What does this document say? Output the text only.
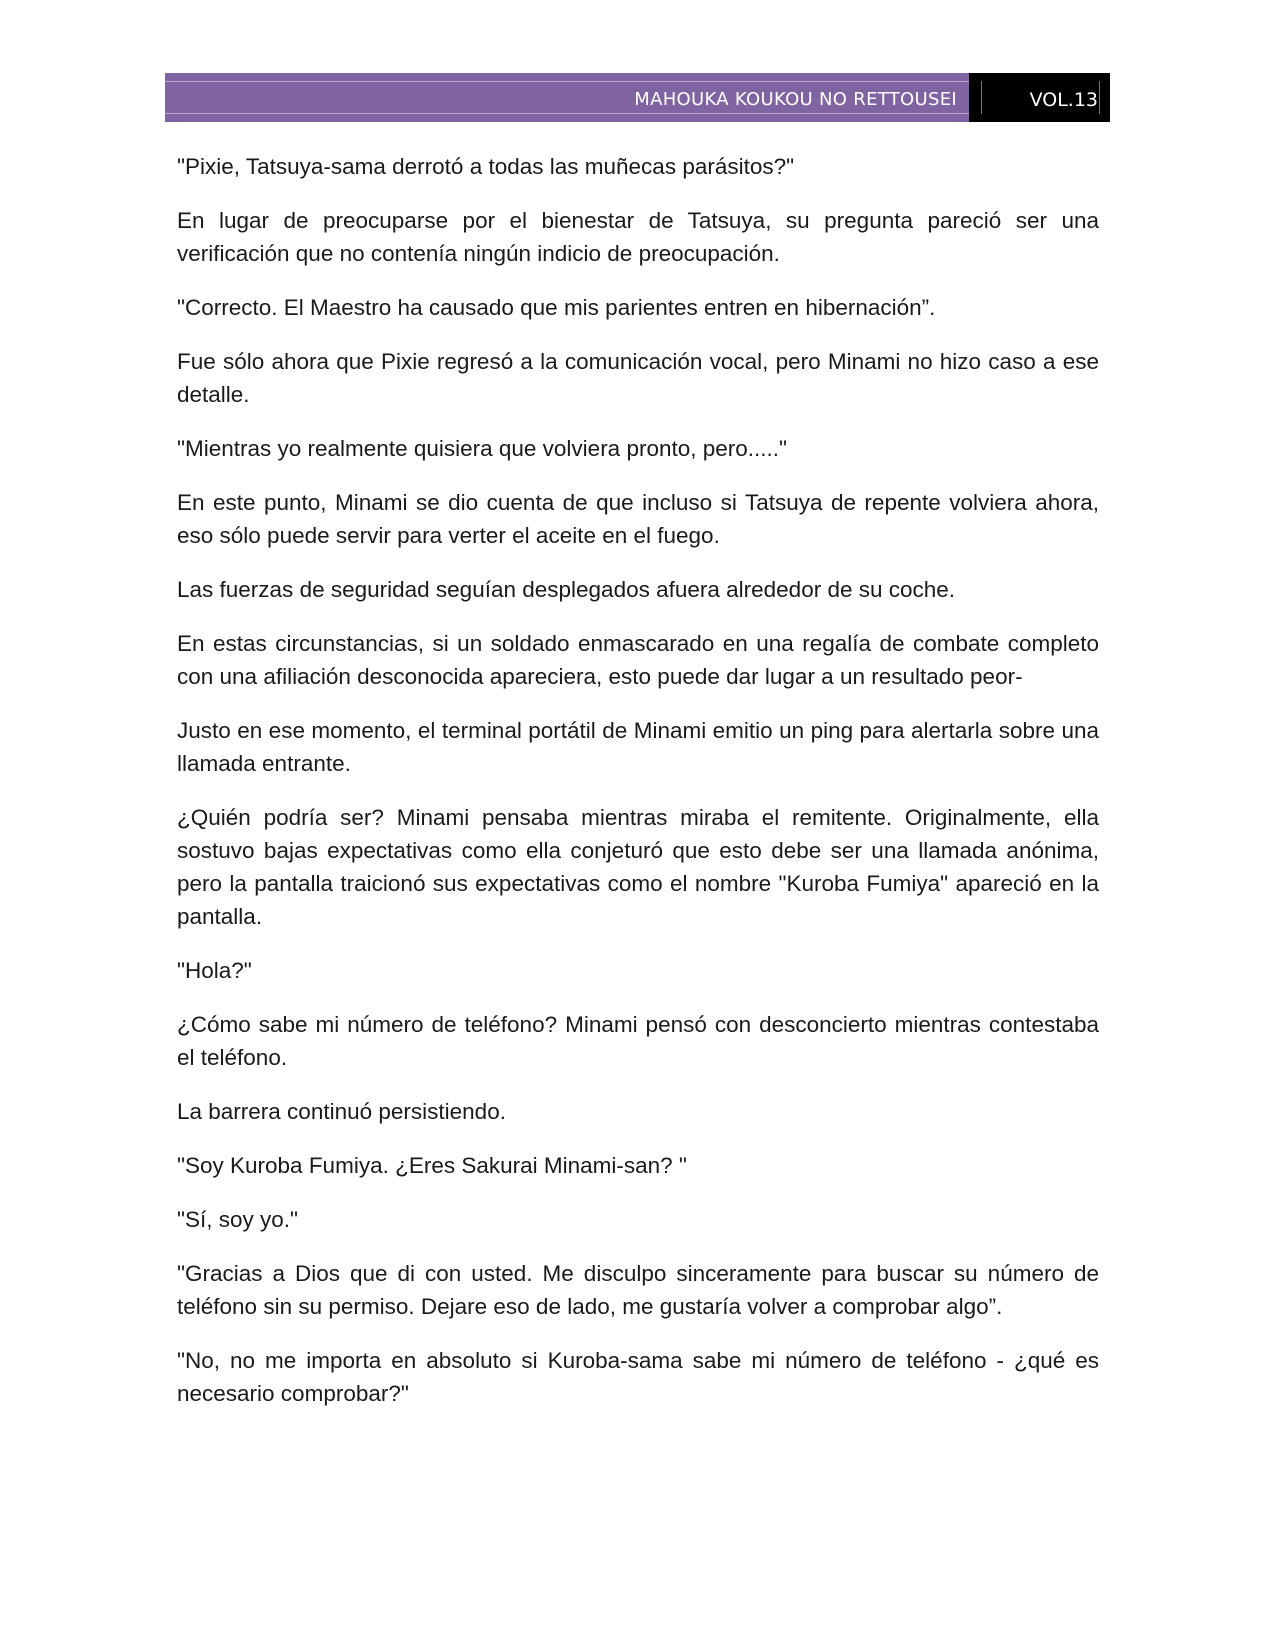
MAHOUKA KOUKOU NO RETTOUSEI	VOL.13

"Pixie, Tatsuya-sama derrotó a todas las muñecas parásitos?"

En lugar de preocuparse por el bienestar de Tatsuya, su pregunta pareció ser una verificación que no contenía ningún indicio de preocupación.

"Correcto. El Maestro ha causado que mis parientes entren en hibernación”.

Fue sólo ahora que Pixie regresó a la comunicación vocal, pero Minami no hizo caso a ese detalle.

"Mientras yo realmente quisiera que volviera pronto, pero....."

En este punto, Minami se dio cuenta de que incluso si Tatsuya de repente volviera ahora, eso sólo puede servir para verter el aceite en el fuego.

Las fuerzas de seguridad seguían desplegados afuera alrededor de su coche.

En estas circunstancias, si un soldado enmascarado en una regalía de combate completo con una afiliación desconocida apareciera, esto puede dar lugar a un resultado peor-

Justo en ese momento, el terminal portátil de Minami emitio un ping para alertarla sobre una llamada entrante.

¿Quién podría ser? Minami pensaba mientras miraba el remitente. Originalmente, ella sostuvo bajas expectativas como ella conjeturó que esto debe ser una llamada anónima, pero la pantalla traicionó sus expectativas como el nombre "Kuroba Fumiya" apareció en la pantalla.

"Hola?"

¿Cómo sabe mi número de teléfono? Minami pensó con desconcierto mientras contestaba el teléfono.

La barrera continuó persistiendo.

"Soy Kuroba Fumiya. ¿Eres Sakurai Minami-san? "

"Sí, soy yo."

"Gracias a Dios que di con usted. Me disculpo sinceramente para buscar su número de teléfono sin su permiso. Dejare eso de lado, me gustaría volver a comprobar algo”.

"No, no me importa en absoluto si Kuroba-sama sabe mi número de teléfono - ¿qué es necesario comprobar?"
